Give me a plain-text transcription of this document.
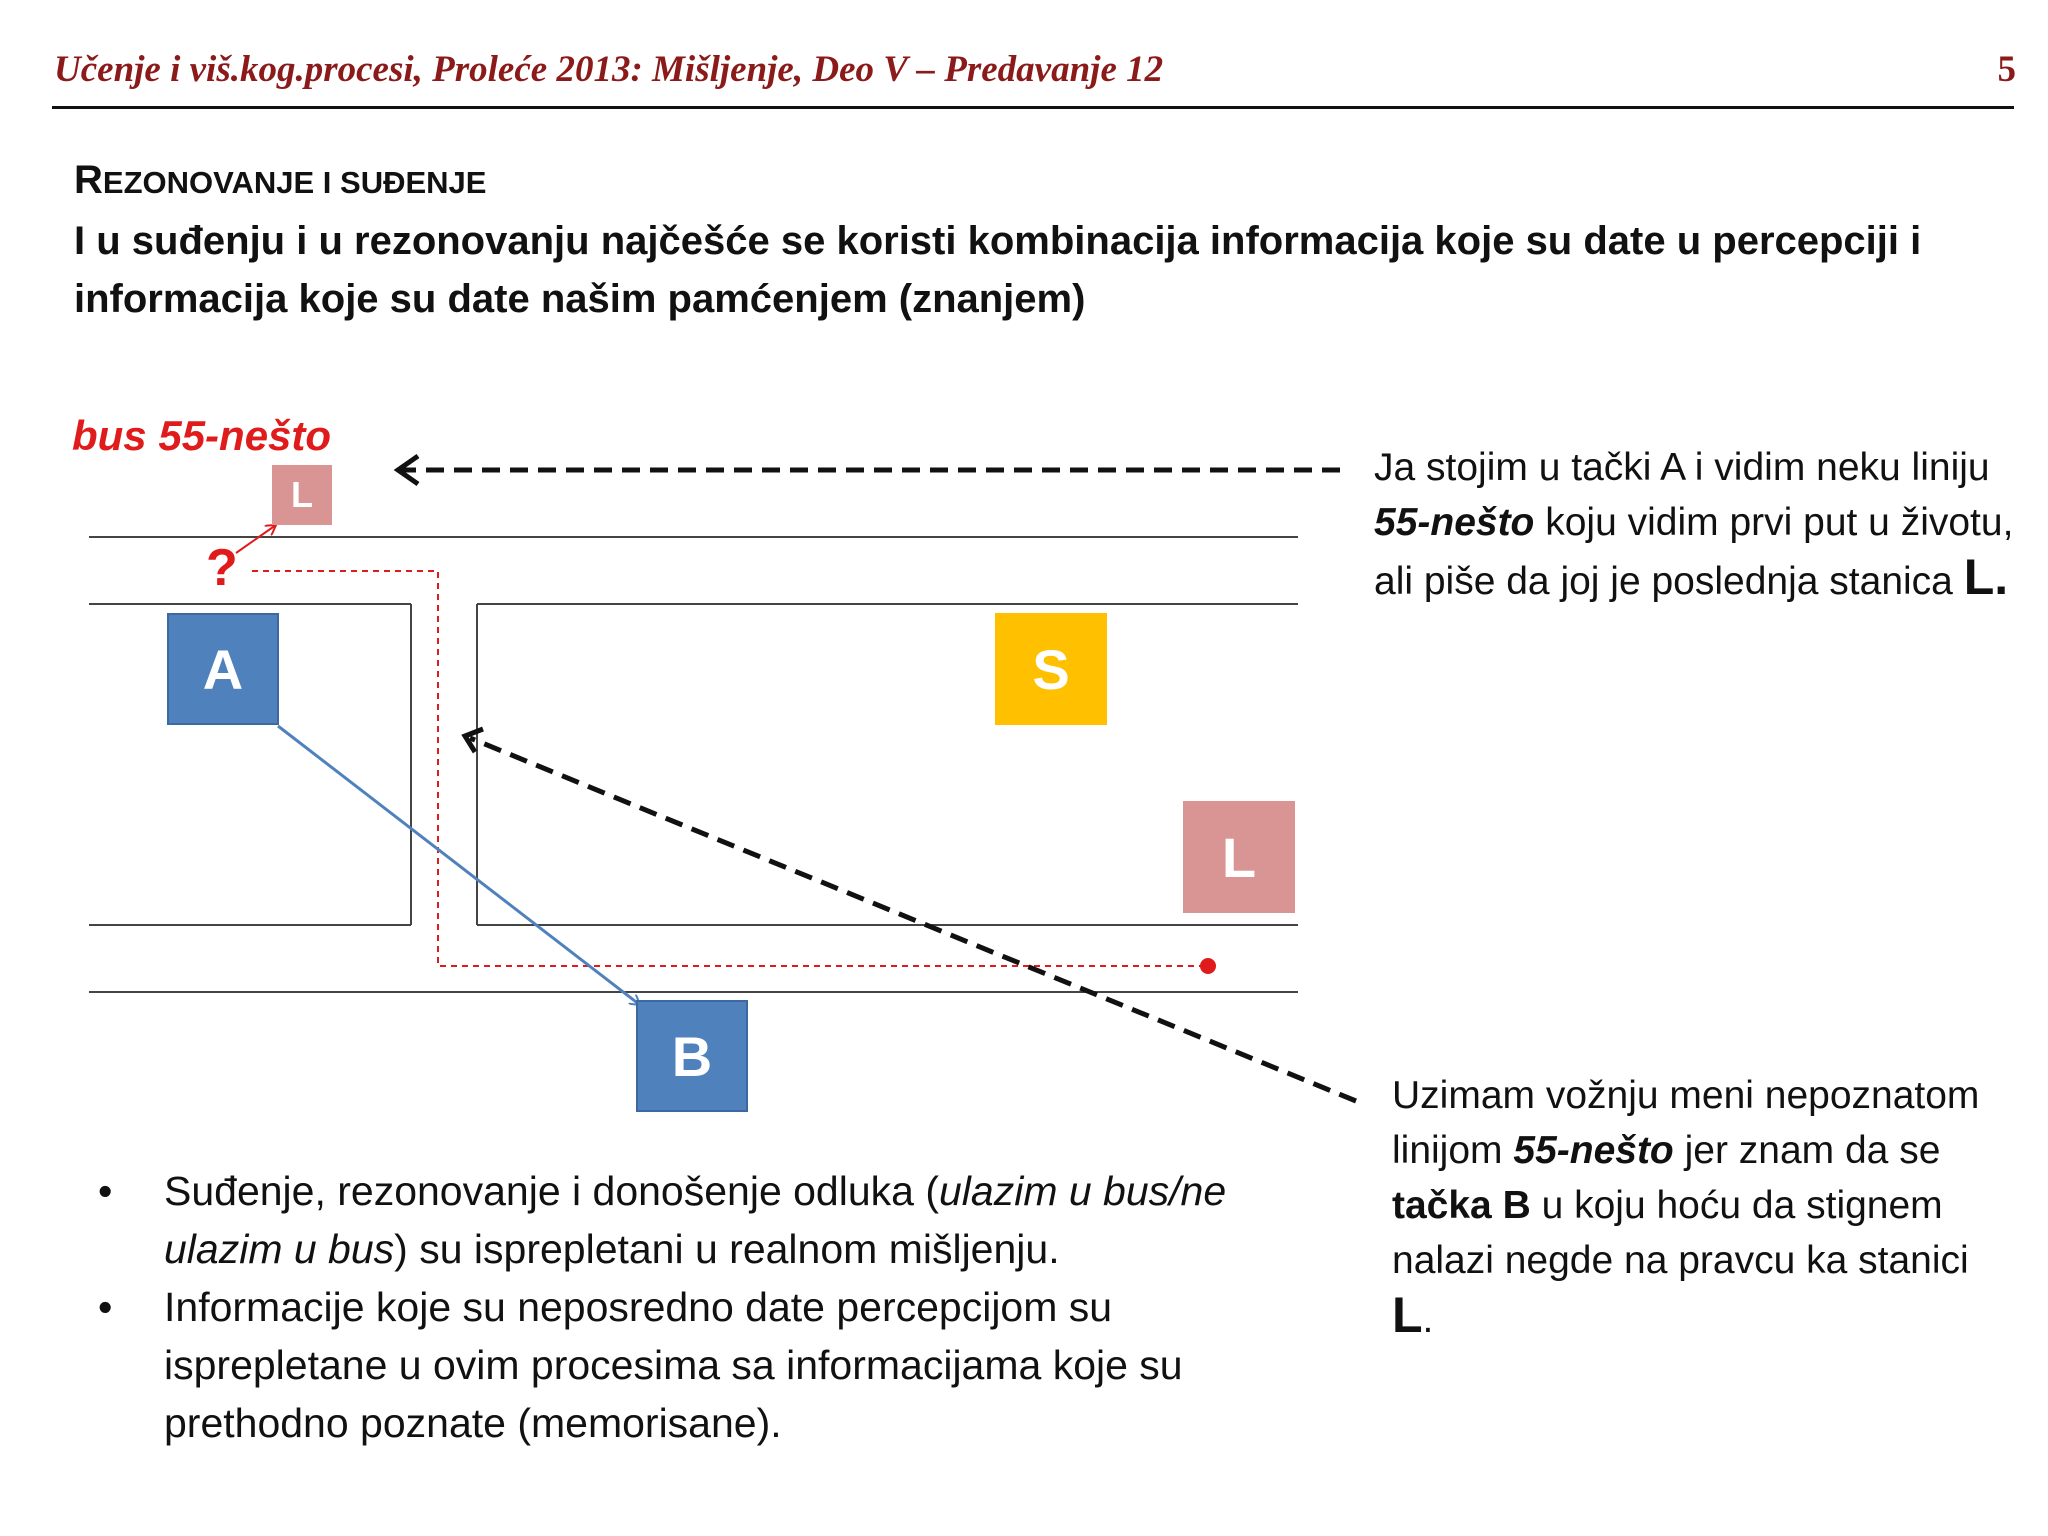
Učenje i viš.kog.procesi, Proleće 2013: Mišljenje, Deo V – Predavanje 12	5
REZONOVANJE I SUĐENJE
I u suđenju i u rezonovanju najčešće se koristi kombinacija informacija koje su date u percepciji i informacija koje su date našim pamćenjem (znanjem)
bus 55-nešto
L
?
A	S
L
B
Ja stojim u tački A i vidim neku liniju 55-nešto koju vidim prvi put u životu, ali piše da joj je poslednja stanica L.
Uzimam vožnju meni nepoznatom linijom 55-nešto jer znam da se tačka B u koju hoću da stignem nalazi negde na pravcu ka stanici
L.
• Suđenje, rezonovanje i donošenje odluka (ulazim u bus/ne ulazim u bus) su isprepletani u realnom mišljenju.
• Informacije koje su neposredno date percepcijom su isprepletane u ovim procesima sa informacijama koje su prethodno poznate (memorisane).
